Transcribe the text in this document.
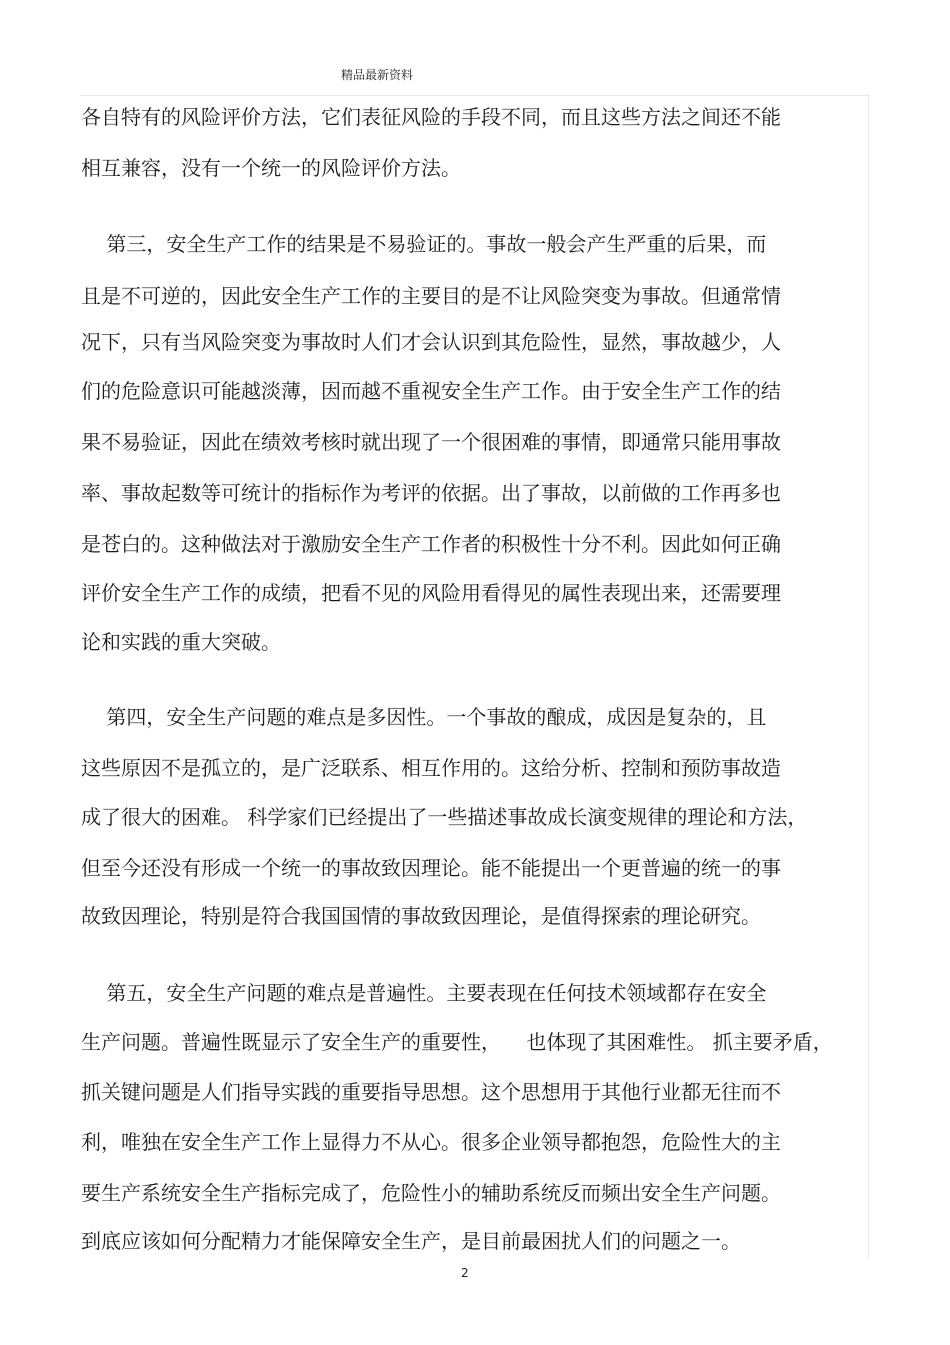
精品最新资料
各自特有的风险评价方法，它们表征风险的手段不同，而且这些方法之间还不能
相互兼容，没有一个统一的风险评价方法。
第三，安全生产工作的结果是不易验证的。事故一般会产生严重的后果，而
且是不可逆的，因此安全生产工作的主要目的是不让风险突变为事故。但通常情
况下，只有当风险突变为事故时人们才会认识到其危险性，显然，事故越少，人
们的危险意识可能越淡薄，因而越不重视安全生产工作。由于安全生产工作的结
果不易验证，因此在绩效考核时就出现了一个很困难的事情，即通常只能用事故
率、事故起数等可统计的指标作为考评的依据。出了事故，以前做的工作再多也
是苍白的。这种做法对于激励安全生产工作者的积极性十分不利。因此如何正确
评价安全生产工作的成绩，把看不见的风险用看得见的属性表现出来，还需要理
论和实践的重大突破。
第四，安全生产问题的难点是多因性。一个事故的酿成，成因是复杂的，且
这些原因不是孤立的，是广泛联系、相互作用的。这给分析、控制和预防事故造
成了很大的困难。 科学家们已经提出了一些描述事故成长演变规律的理论和方法，
但至今还没有形成一个统一的事故致因理论。能不能提出一个更普遍的统一的事
故致因理论，特别是符合我国国情的事故致因理论，是值得探索的理论研究。
第五，安全生产问题的难点是普遍性。主要表现在任何技术领域都存在安全
生产问题。普遍性既显示了安全生产的重要性，    也体现了其困难性。 抓主要矛盾，
抓关键问题是人们指导实践的重要指导思想。这个思想用于其他行业都无往而不
利，唯独在安全生产工作上显得力不从心。很多企业领导都抱怨，危险性大的主
要生产系统安全生产指标完成了，危险性小的辅助系统反而频出安全生产问题。
到底应该如何分配精力才能保障安全生产，是目前最困扰人们的问题之一。
2
